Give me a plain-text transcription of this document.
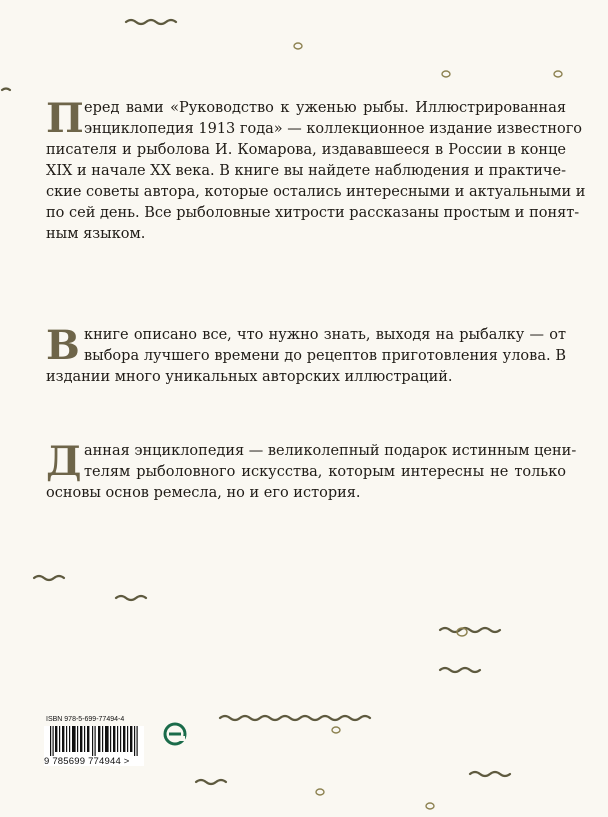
П еред вами «Руководство к уженью рыбы. Иллюстрированная
энциклопедия 1913 года» — коллекционное издание известного
писателя и рыболова И. Комарова, издававшееся в России в конце
XIX и начале XX века. В книге вы найдете наблюдения и практиче-
ские советы автора, которые остались интересными и актуальными и
по сей день. Все рыболовные хитрости рассказаны простым и понят-
ным языком.
В книге описано все, что нужно знать, выходя на рыбалку — от
выбора лучшего времени до рецептов приготовления улова. В
издании много уникальных авторских иллюстраций.
Д анная энциклопедия — великолепный подарок истинным цени-
телям рыболовного искусства, которым интересны не только
основы основ ремесла, но и его история.
ISBN 978-5-699-77494-4
9 785699 774944 >
